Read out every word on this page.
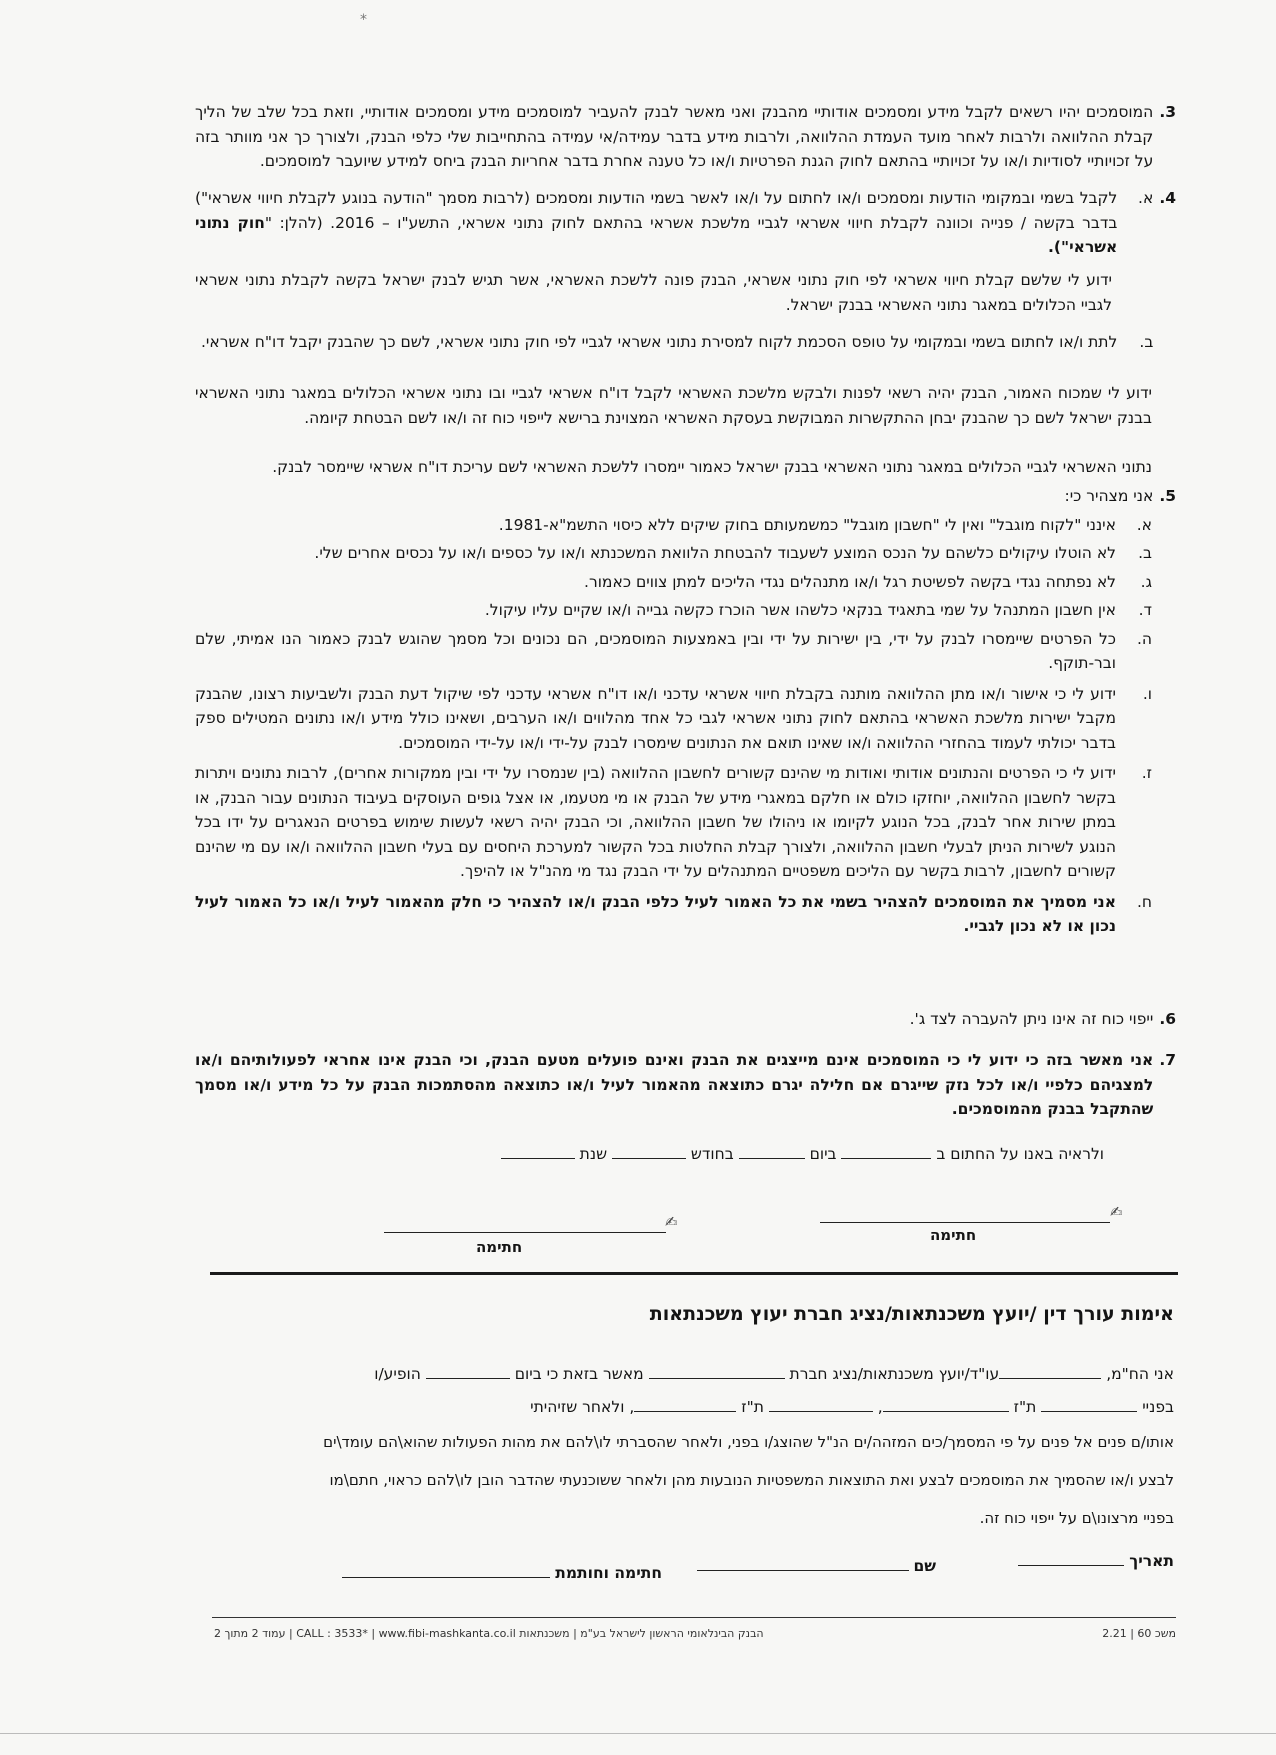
*
3.

המוסמכים יהיו רשאים לקבל מידע ומסמכים אודותיי מהבנק ואני מאשר לבנק להעביר למוסמכים מידע ומסמכים אודותיי, וזאת בכל שלב של הליך קבלת ההלוואה ולרבות לאחר מועד העמדת ההלוואה, ולרבות מידע בדבר עמידה/אי עמידה בהתחייבות שלי כלפי הבנק, ולצורך כך אני מוותר בזה על זכויותיי לסודיות ו/או על זכויותיי בהתאם לחוק הגנת הפרטיות ו/או כל טענה אחרת בדבר אחריות הבנק ביחס למידע שיועבר למוסמכים.

4.
א.

לקבל בשמי ובמקומי הודעות ומסמכים ו/או לחתום על ו/או לאשר בשמי הודעות ומסמכים (לרבות מסמך "הודעה בנוגע לקבלת חיווי אשראי") בדבר בקשה / פנייה וכוונה לקבלת חיווי אשראי לגביי מלשכת אשראי בהתאם לחוק נתוני אשראי, התשע"ו – 2016. (להלן: "חוק נתוני אשראי").

ידוע לי שלשם קבלת חיווי אשראי לפי חוק נתוני אשראי, הבנק פונה ללשכת האשראי, אשר תגיש לבנק ישראל בקשה לקבלת נתוני אשראי לגביי הכלולים במאגר נתוני האשראי בבנק ישראל.

ב.

לתת ו/או לחתום בשמי ובמקומי על טופס הסכמת לקוח למסירת נתוני אשראי לגביי לפי חוק נתוני אשראי, לשם כך שהבנק יקבל דו"ח אשראי.

ידוע לי שמכוח האמור, הבנק יהיה רשאי לפנות ולבקש מלשכת האשראי לקבל דו"ח אשראי לגביי ובו נתוני אשראי הכלולים במאגר נתוני האשראי בבנק ישראל לשם כך שהבנק יבחן ההתקשרות המבוקשת בעסקת האשראי המצוינת ברישא לייפוי כוח זה ו/או לשם הבטחת קיומה.

נתוני האשראי לגביי הכלולים במאגר נתוני האשראי בבנק ישראל כאמור יימסרו ללשכת האשראי לשם עריכת דו"ח אשראי שיימסר לבנק.

5.

אני מצהיר כי:

א.

אינני "לקוח מוגבל" ואין לי "חשבון מוגבל" כמשמעותם בחוק שיקים ללא כיסוי התשמ"א-1981.

ב.

לא הוטלו עיקולים כלשהם על הנכס המוצע לשעבוד להבטחת הלוואת המשכנתא ו/או על כספים ו/או על נכסים אחרים שלי.

ג.

לא נפתחה נגדי בקשה לפשיטת רגל ו/או מתנהלים נגדי הליכים למתן צווים כאמור.

ד.

אין חשבון המתנהל על שמי בתאגיד בנקאי כלשהו אשר הוכרז כקשה גבייה ו/או שקיים עליו עיקול.

ה.

כל הפרטים שיימסרו לבנק על ידי, בין ישירות על ידי ובין באמצעות המוסמכים, הם נכונים וכל מסמך שהוגש לבנק כאמור הנו אמיתי, שלם ובר-תוקף.

ו.

ידוע לי כי אישור ו/או מתן ההלוואה מותנה בקבלת חיווי אשראי עדכני ו/או דו"ח אשראי עדכני לפי שיקול דעת הבנק ולשביעות רצונו, שהבנק מקבל ישירות מלשכת האשראי בהתאם לחוק נתוני אשראי לגבי כל אחד מהלווים ו/או הערבים, ושאינו כולל מידע ו/או נתונים המטילים ספק בדבר יכולתי לעמוד בהחזרי ההלוואה ו/או שאינו תואם את הנתונים שימסרו לבנק על-ידי ו/או על-ידי המוסמכים.

ז.

ידוע לי כי הפרטים והנתונים אודותי ואודות מי שהינם קשורים לחשבון ההלוואה (בין שנמסרו על ידי ובין ממקורות אחרים), לרבות נתונים ויתרות בקשר לחשבון ההלוואה, יוחזקו כולם או חלקם במאגרי מידע של הבנק או מי מטעמו, או אצל גופים העוסקים בעיבוד הנתונים עבור הבנק, או במתן שירות אחר לבנק, בכל הנוגע לקיומו או ניהולו של חשבון ההלוואה, וכי הבנק יהיה רשאי לעשות שימוש בפרטים הנאגרים על ידו בכל הנוגע לשירות הניתן לבעלי חשבון ההלוואה, ולצורך קבלת החלטות בכל הקשור למערכת היחסים עם בעלי חשבון ההלוואה ו/או עם מי שהינם קשורים לחשבון, לרבות בקשר עם הליכים משפטיים המתנהלים על ידי הבנק נגד מי מהנ"ל או להיפך.

ח.

אני מסמיך את המוסמכים להצהיר בשמי את כל האמור לעיל כלפי הבנק ו/או להצהיר כי חלק מהאמור לעיל ו/או כל האמור לעיל נכון או לא נכון לגביי.

6.

ייפוי כוח זה אינו ניתן להעברה לצד ג'.

7.

אני מאשר בזה כי ידוע לי כי המוסמכים אינם מייצגים את הבנק ואינם פועלים מטעם הבנק, וכי הבנק אינו אחראי לפעולותיהם ו/או למצגיהם כלפיי ו/או לכל נזק שייגרם אם חלילה יגרם כתוצאה מהאמור לעיל ו/או כתוצאה מהסתמכות הבנק על כל מידע ו/או מסמך שהתקבל בבנק מהמוסמכים.

ולראיה באנו על החתום ב  ביום  בחודש  שנת
✍
חתימה
✍
חתימה
אימות עורך דין /יועץ משכנתאות/נציג חברת יעוץ משכנתאות
אני הח"מ, עו"ד/יועץ משכנתאות/נציג חברת  מאשר בזאת כי ביום  הופיע/ו
בפניי  ת"ז ,  ת"ז , ולאחר שזיהיתי
אותו/ם פנים אל פנים על פי המסמך/כים המזהה/ים הנ"ל שהוצג/ו בפני, ולאחר שהסברתי לו\להם את מהות הפעולות שהוא\הם עומד\ים
לבצע ו/או שהסמיך את המוסמכים לבצע ואת התוצאות המשפטיות הנובעות מהן ולאחר ששוכנעתי שהדבר הובן לו\להם כראוי, חתם\מו
בפניי מרצונו\ם על ייפוי כוח זה.
תאריך
שם
חתימה וחותמת
משכ 60 | 2.21
הבנק הבינלאומי הראשון לישראל בע"מ | משכנתאות CALL : 3533* | www.fibi-mashkanta.co.il | עמוד 2 מתוך 2
